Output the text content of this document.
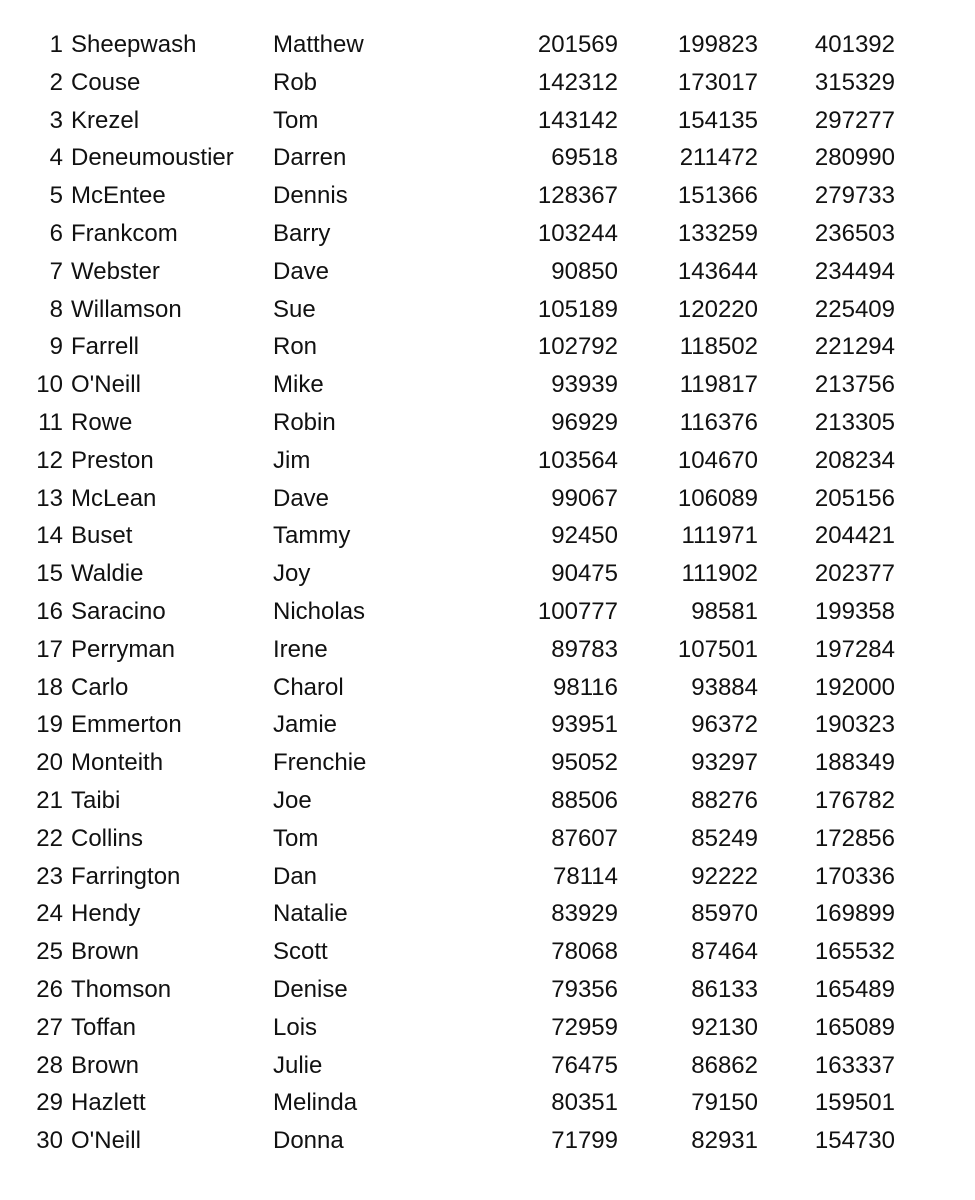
1 Sheepwash	Matthew	201569	199823	401392
2 Couse	Rob	142312	173017	315329
3 Krezel	Tom	143142	154135	297277
4 Deneumoustier	Darren	69518	211472	280990
5 McEntee	Dennis	128367	151366	279733
6 Frankcom	Barry	103244	133259	236503
7 Webster	Dave	90850	143644	234494
8 Willamson	Sue	105189	120220	225409
9 Farrell	Ron	102792	118502	221294
10 O'Neill	Mike	93939	119817	213756
11 Rowe	Robin	96929	116376	213305
12 Preston	Jim	103564	104670	208234
13 McLean	Dave	99067	106089	205156
14 Buset	Tammy	92450	111971	204421
15 Waldie	Joy	90475	111902	202377
16 Saracino	Nicholas	100777	98581	199358
17 Perryman	Irene	89783	107501	197284
18 Carlo	Charol	98116	93884	192000
19 Emmerton	Jamie	93951	96372	190323
20 Monteith	Frenchie	95052	93297	188349
21 Taibi	Joe	88506	88276	176782
22 Collins	Tom	87607	85249	172856
23 Farrington	Dan	78114	92222	170336
24 Hendy	Natalie	83929	85970	169899
25 Brown	Scott	78068	87464	165532
26 Thomson	Denise	79356	86133	165489
27 Toffan	Lois	72959	92130	165089
28 Brown	Julie	76475	86862	163337
29 Hazlett	Melinda	80351	79150	159501
30 O'Neill	Donna	71799	82931	154730
